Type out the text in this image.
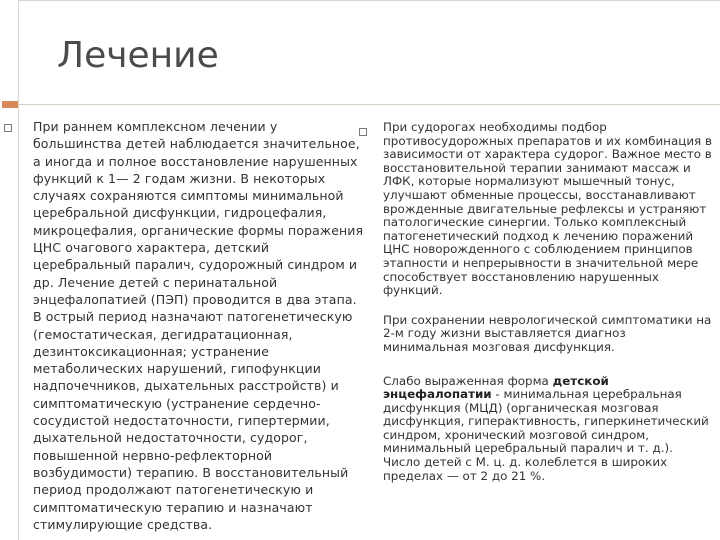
Лечение
При раннем комплексном лечении у большинства детей наблюдается значительное, а иногда и полное восстановление нарушенных функций к 1— 2 годам жизни. В некоторых случаях сохраняются симптомы минимальной церебральной дисфункции, гидроцефалия, микроцефалия, органические формы поражения ЦНС очагового характера, детский церебральный паралич, судорожный синдром и др. Лечение детей с перинатальной энцефалопатией (ПЭП) проводится в два этапа. В острый период назначают патогенетическую (гемостатическая, дегидратационная, дезинтоксикационная; устранение метаболических нарушений, гипофункции надпочечников, дыхательных расстройств) и симптоматическую (устранение сердечно-сосудистой недостаточности, гипертермии, дыхательной недостаточности, судорог, повышенной нервно-рефлекторной возбудимости) терапию. В восстановительный период продолжают патогенетическую и симптоматическую терапию и назначают стимулирующие средства.

При судорогах необходимы подбор противосудорожных препаратов и их комбинация в зависимости от характера судорог. Важное место в восстановительной терапии занимают массаж и ЛФК, которые нормализуют мышечный тонус, улучшают обменные процессы, восстанавливают врожденные двигательные рефлексы и устраняют патологические синергии. Только комплексный патогенетический подход к лечению поражений ЦНС новорожденного с соблюдением принципов этапности и непрерывности в значительной мере способствует восстановлению нарушенных функций.

При сохранении неврологической симптоматики на 2-м году жизни выставляется диагноз минимальная мозговая дисфункция.

Слабо выраженная форма детской энцефалопатии - минимальная церебральная дисфункция (МЦД) (органическая мозговая дисфункция, гиперактивность, гиперкинетический синдром, хронический мозговой синдром, минимальный церебральный паралич и т. д.). Число детей с М. ц. д. колеблется в широких пределах — от 2 до 21 %.
